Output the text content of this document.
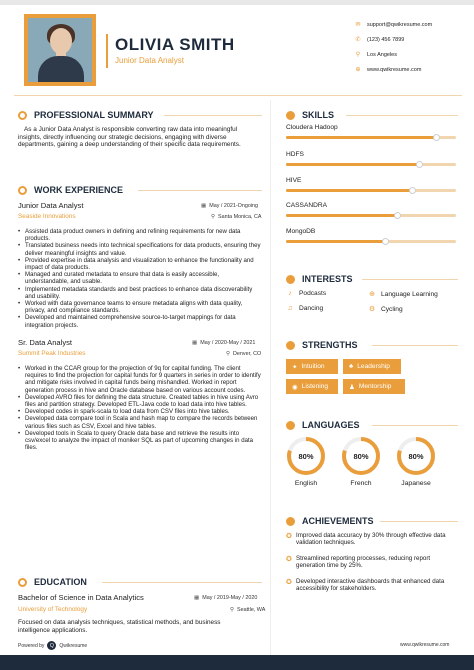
OLIVIA SMITH
Junior Data Analyst
✉	support@qwikresume.com
✆	(123) 456 7899
⚲	Los Angeles
⊕	www.qwikresume.com
PROFESSIONAL SUMMARY
As a Junior Data Analyst is responsible converting raw data into meaningful insights, directly influencing our strategic decisions, engaging with diverse departments, gaining a deep understanding of their specific data requirements.
WORK EXPERIENCE
Junior Data Analyst	▦ May / 2021-Ongoing
Seaside Innovations	⚲ Santa Monica, CA
• Assisted data product owners in defining and refining requirements for new data products.
• Translated business needs into technical specifications for data products, ensuring they deliver meaningful insights and value.
• Provided expertise in data analysis and visualization to enhance the functionality and impact of data products.
• Managed and curated metadata to ensure that data is easily accessible, understandable, and usable.
• Implemented metadata standards and best practices to enhance data discoverability and usability.
• Worked with data governance teams to ensure metadata aligns with data quality, privacy, and compliance standards.
• Developed and maintained comprehensive source-to-target mappings for data integration projects.
Sr. Data Analyst	▦ May / 2020-May / 2021
Summit Peak Industries	⚲ Denver, CO
• Worked in the CCAR group for the projection of 9q for capital funding. The client requires to find the projection for capital funds for 9 quarters in series in order to identify and mitigate risks involved in capital funds being mishandled. Worked in report generation process in hive and Oracle database based on various account codes.
• Developed AVRO files for defining the data structure. Created tables in hive using Avro files and partition strategy. Developed ETL-Java code to load data into hive tables.
• Developed codes in spark-scala to load data from CSV files into hive tables.
• Developed data compare tool in Scala and hash map to compare the records between various files such as CSV, Excel and hive tables.
• Developed tools in Scala to query Oracle data base and retrieve the results into csv/excel to analyze the impact of moniker SQL as part of upcoming changes in data files.
EDUCATION
Bachelor of Science in Data Analytics	▦ May / 2019-May / 2020
University of Technology	⚲ Seattle, WA
Focused on data analysis techniques, statistical methods, and business intelligence applications.
SKILLS
Cloudera Hadoop
HDFS
HIVE
CASSANDRA
MongoDB
INTERESTS
♪	Podcasts	⊕ Language Learning
♫ Dancing	⚙ Cycling
STRENGTHS
✦ Intuition	♣ Leadership
◉ Listening	♟ Mentorship
LANGUAGES
80%
English
80%
French
80%
Japanese
ACHIEVEMENTS
✪ Improved data accuracy by 30% through effective data validation techniques.
✪ Streamlined reporting processes, reducing report generation time by 25%.
✪ Developed interactive dashboards that enhanced data accessibility for stakeholders.
Powered by	Q	Qwikresume	www.qwikresume.com
